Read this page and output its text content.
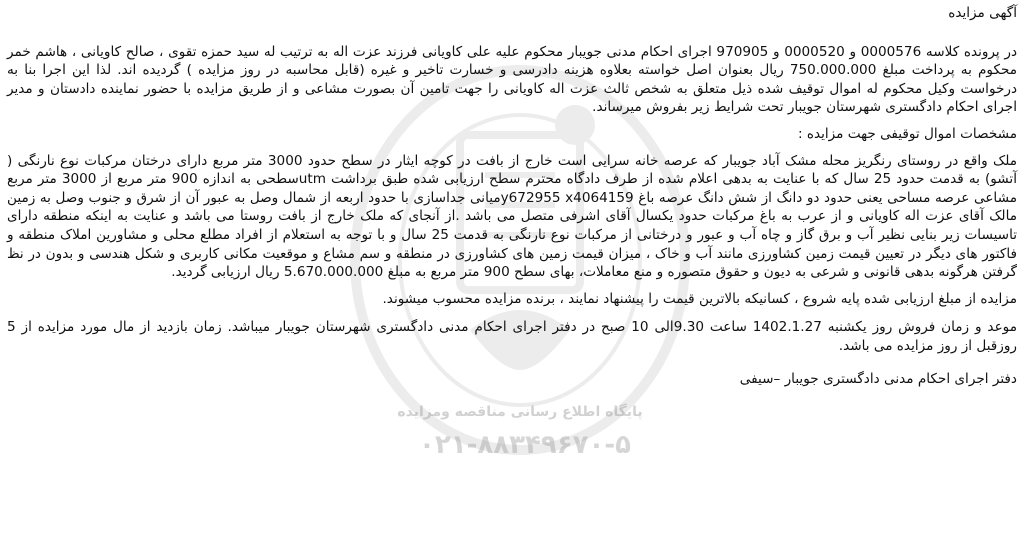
پایگاه اطلاع رسانی مناقصه ومزایده
۰۲۱-۸۸۳۴۹۶۷۰-۵

آگهی مزایده

در پرونده کلاسه 0000576 و 0000520 و 970905 اجرای احکام مدنی جویبار محکوم علیه علی کاویانی فرزند عزت اله به ترتیب له سید حمزه تقوی ، صالح کاویانی ، هاشم خمر محکوم به پرداخت مبلغ 750.000.000 ریال بعنوان اصل خواسته بعلاوه هزینه دادرسی و خسارت تاخیر و غیره (قابل محاسبه در روز مزایده ) گردیده اند. لذا این اجرا بنا به درخواست وکیل محکوم له اموال توقیف شده ذیل متعلق به شخص ثالث عزت اله کاویانی را جهت تامین آن بصورت مشاعی و از طریق مزایده با حضور نماینده دادستان و مدیر اجرای احکام دادگستری شهرستان جویبار تحت شرایط زیر بفروش میرساند.

مشخصات اموال توقیفی جهت مزایده :

ملک واقع در روستای رنگریز محله مشک آباد جویبار که عرصه خانه سرایی است خارج از بافت در کوچه ایثار در سطح حدود 3000 متر مربع دارای درختان مرکبات نوع نارنگی ( آتشو) به قدمت حدود 25 سال که با عنایت به بدهی اعلام شده از طرف دادگاه محترم سطح ارزیابی شده طبق برداشت utmسطحی به اندازه 900 متر مربع از 3000 متر مربع مشاعی عرصه مساحی یعنی حدود دو دانگ از شش دانگ عرصه باغ y672955 x4064159میانی جداسازی با حدود اربعه از شمال وصل به عبور آن از شرق و جنوب وصل به زمین مالک آقای عزت اله کاویانی و از عرب به باغ مرکبات حدود یکسال آقای اشرفی متصل می باشد .از آنجای که ملک خارج از بافت روستا می باشد و عنایت به اینکه منطقه دارای تاسیسات زیر بنایی نظیر آب و برق گاز و چاه آب و عبور و درختانی از مرکبات نوع نارنگی به قدمت 25 سال و با توجه به استعلام از افراد مطلع محلی و مشاورین املاک منطقه و فاکتور های دیگر در تعیین قیمت زمین کشاورزی مانند آب و خاک ، میزان قیمت زمین های کشاورزی در منطقه و سم مشاع و موقعیت مکانی کاربری و شکل هندسی و بدون در نظ گرفتن هرگونه بدهی قانونی و شرعی به دیون و حقوق متصوره و منع معاملات، بهای سطح 900 متر مربع به مبلغ 5.670.000.000 ریال ارزیابی گردید.

مزایده از مبلغ ارزیابی شده پایه شروع ، کسانیکه بالاترین قیمت را پیشنهاد نمایند ، برنده مزایده محسوب میشوند.

موعد و زمان فروش روز یکشنبه 1402.1.27 ساعت 9.30الی 10 صبح در دفتر اجرای احکام مدنی دادگستری شهرستان جویبار میباشد. زمان بازدید از مال مورد مزایده از 5 روزقبل از روز مزایده می باشد.

دفتر اجرای احکام مدنی دادگستری جویبار –سیفی
